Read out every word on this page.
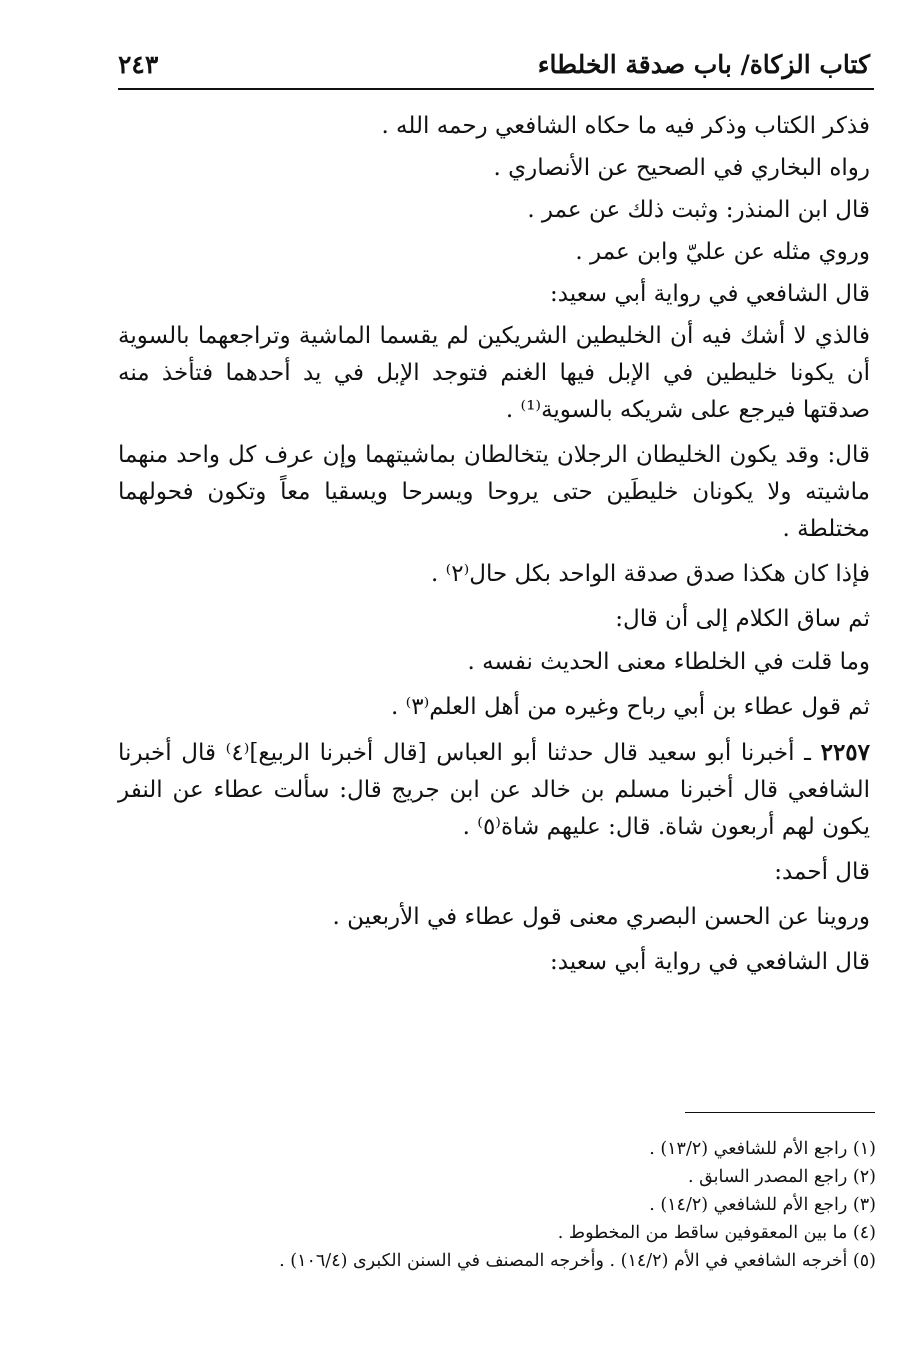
كتاب الزكاة/ باب صدقة الخلطاء
٢٤٣

فذكر الكتاب وذكر فيه ما حكاه الشافعي رحمه الله .

رواه البخاري في الصحيح عن الأنصاري .

قال ابن المنذر: وثبت ذلك عن عمر .

وروي مثله عن عليّ وابن عمر .

قال الشافعي في رواية أبي سعيد:

فالذي لا أشك فيه أن الخليطين الشريكين لم يقسما الماشية وتراجعهما بالسوية أن يكونا خليطين في الإبل فيها الغنم فتوجد الإبل في يد أحدهما فتأخذ منه صدقتها فيرجع على شريكه بالسوية⁽¹⁾ .

قال: وقد يكون الخليطان الرجلان يتخالطان بماشيتهما وإن عرف كل واحد منهما ماشيته ولا يكونان خليطَين حتى يروحا ويسرحا ويسقيا معاً وتكون فحولهما مختلطة .

فإذا كان هكذا صدق صدقة الواحد بكل حال⁽٢⁾ .

ثم ساق الكلام إلى أن قال:

وما قلت في الخلطاء معنى الحديث نفسه .

ثم قول عطاء بن أبي رباح وغيره من أهل العلم⁽٣⁾ .

٢٢٥٧ ـ أخبرنا أبو سعيد قال حدثنا أبو العباس [قال أخبرنا الربيع]⁽٤⁾ قال أخبرنا الشافعي قال أخبرنا مسلم بن خالد عن ابن جريج قال: سألت عطاء عن النفر يكون لهم أربعون شاة. قال: عليهم شاة⁽٥⁾ .

قال أحمد:

وروينا عن الحسن البصري معنى قول عطاء في الأربعين .

قال الشافعي في رواية أبي سعيد:

(١) راجع الأم للشافعي (١٣/٢) .

(٢) راجع المصدر السابق .

(٣) راجع الأم للشافعي (١٤/٢) .

(٤) ما بين المعقوفين ساقط من المخطوط .

(٥) أخرجه الشافعي في الأم (١٤/٢) . وأخرجه المصنف في السنن الكبرى (١٠٦/٤) .
